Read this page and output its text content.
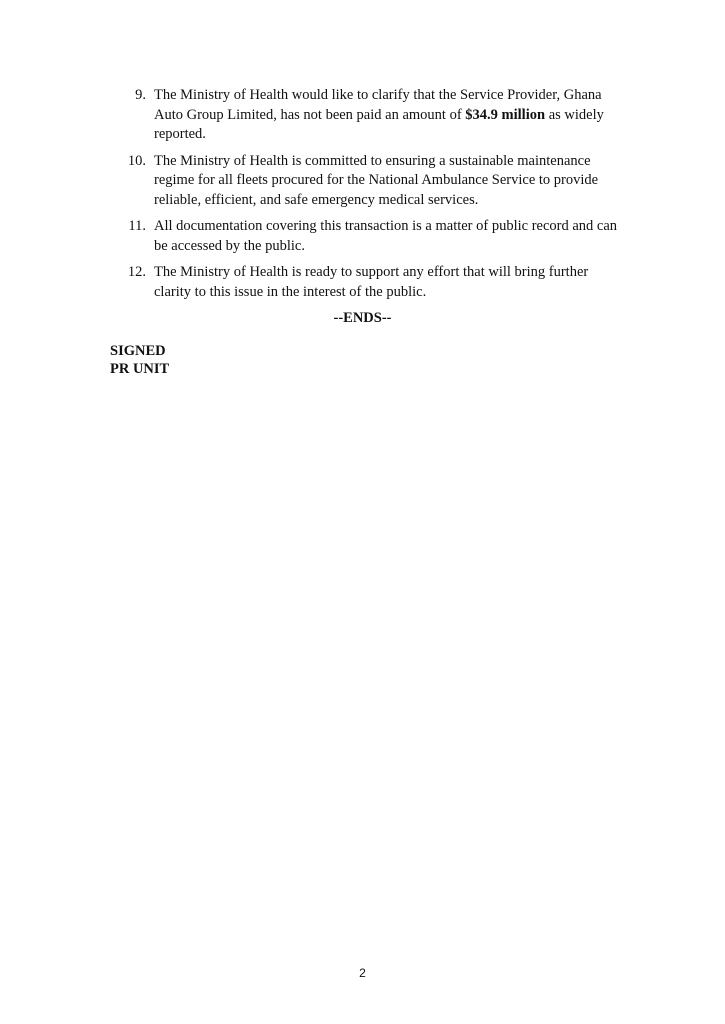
9. The Ministry of Health would like to clarify that the Service Provider, Ghana Auto Group Limited, has not been paid an amount of $34.9 million as widely reported.
10. The Ministry of Health is committed to ensuring a sustainable maintenance regime for all fleets procured for the National Ambulance Service to provide reliable, efficient, and safe emergency medical services.
11. All documentation covering this transaction is a matter of public record and can be accessed by the public.
12. The Ministry of Health is ready to support any effort that will bring further clarity to this issue in the interest of the public.
--ENDS--
SIGNED
PR UNIT
2
